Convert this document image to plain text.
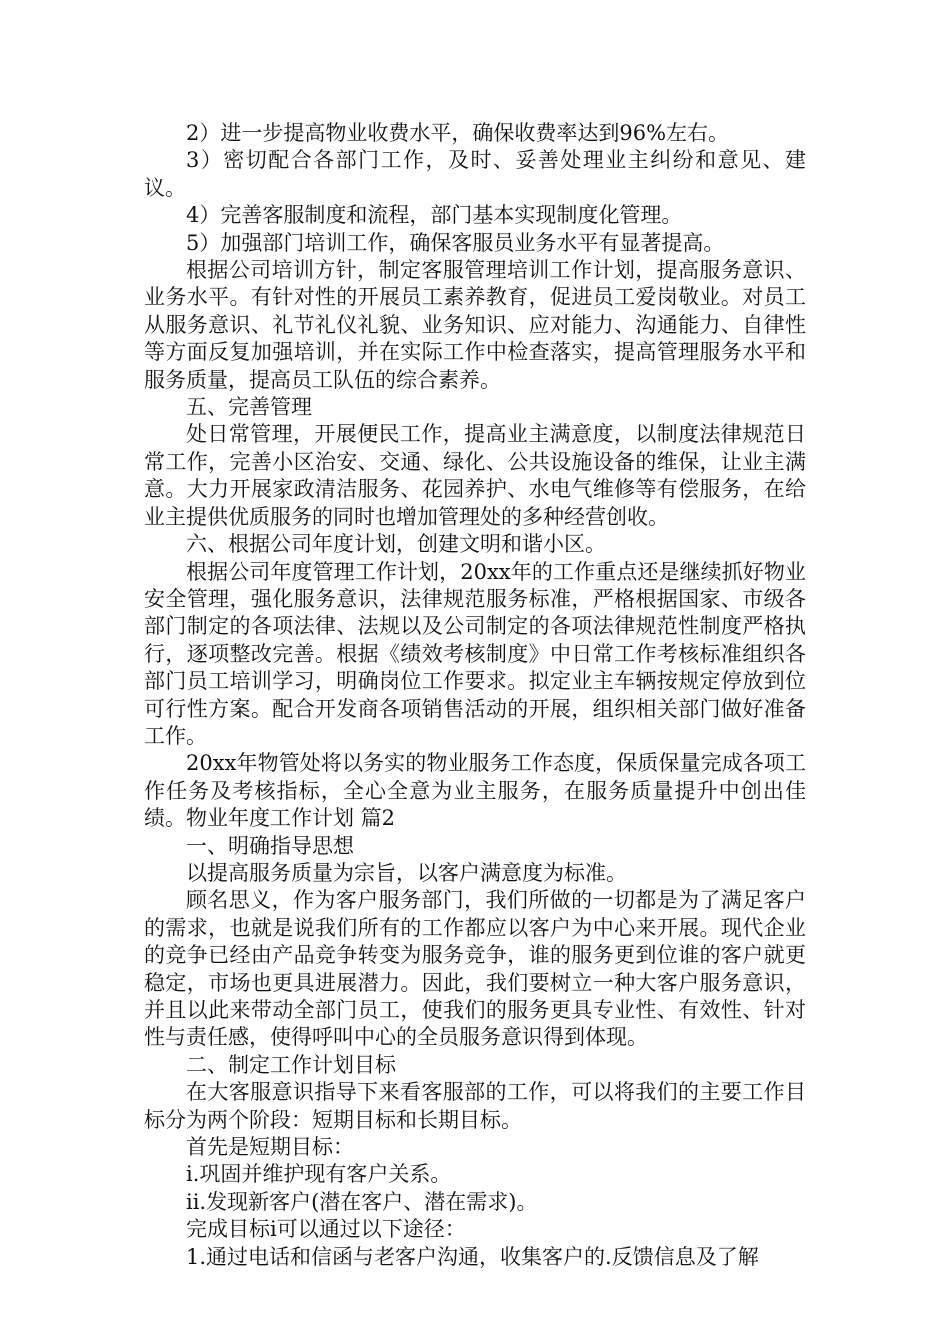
2）进一步提高物业收费水平，确保收费率达到96%左右。

3）密切配合各部门工作，及时、妥善处理业主纠纷和意见、建议。

4）完善客服制度和流程，部门基本实现制度化管理。

5）加强部门培训工作，确保客服员业务水平有显著提高。

根据公司培训方针，制定客服管理培训工作计划，提高服务意识、业务水平。有针对性的开展员工素养教育，促进员工爱岗敬业。对员工从服务意识、礼节礼仪礼貌、业务知识、应对能力、沟通能力、自律性等方面反复加强培训，并在实际工作中检查落实，提高管理服务水平和服务质量，提高员工队伍的综合素养。

五、完善管理

处日常管理，开展便民工作，提高业主满意度，以制度法律规范日常工作，完善小区治安、交通、绿化、公共设施设备的维保，让业主满意。大力开展家政清洁服务、花园养护、水电气维修等有偿服务，在给业主提供优质服务的同时也增加管理处的多种经营创收。

六、根据公司年度计划，创建文明和谐小区。

根据公司年度管理工作计划，20xx年的工作重点还是继续抓好物业安全管理，强化服务意识，法律规范服务标准，严格根据国家、市级各部门制定的各项法律、法规以及公司制定的各项法律规范性制度严格执行，逐项整改完善。根据《绩效考核制度》中日常工作考核标准组织各部门员工培训学习，明确岗位工作要求。拟定业主车辆按规定停放到位可行性方案。配合开发商各项销售活动的开展，组织相关部门做好准备工作。

20xx年物管处将以务实的物业服务工作态度，保质保量完成各项工作任务及考核指标，全心全意为业主服务，在服务质量提升中创出佳绩。物业年度工作计划 篇2

一、明确指导思想

以提高服务质量为宗旨，以客户满意度为标准。

顾名思义，作为客户服务部门，我们所做的一切都是为了满足客户的需求，也就是说我们所有的工作都应以客户为中心来开展。现代企业的竞争已经由产品竞争转变为服务竞争，谁的服务更到位谁的客户就更稳定，市场也更具进展潜力。因此，我们要树立一种大客户服务意识，并且以此来带动全部门员工，使我们的服务更具专业性、有效性、针对性与责任感，使得呼叫中心的全员服务意识得到体现。

二、制定工作计划目标

在大客服意识指导下来看客服部的工作，可以将我们的主要工作目标分为两个阶段：短期目标和长期目标。

首先是短期目标：

i.巩固并维护现有客户关系。

ii.发现新客户(潜在客户、潜在需求)。

完成目标i可以通过以下途径：

1.通过电话和信函与老客户沟通，收集客户的.反馈信息及了解
